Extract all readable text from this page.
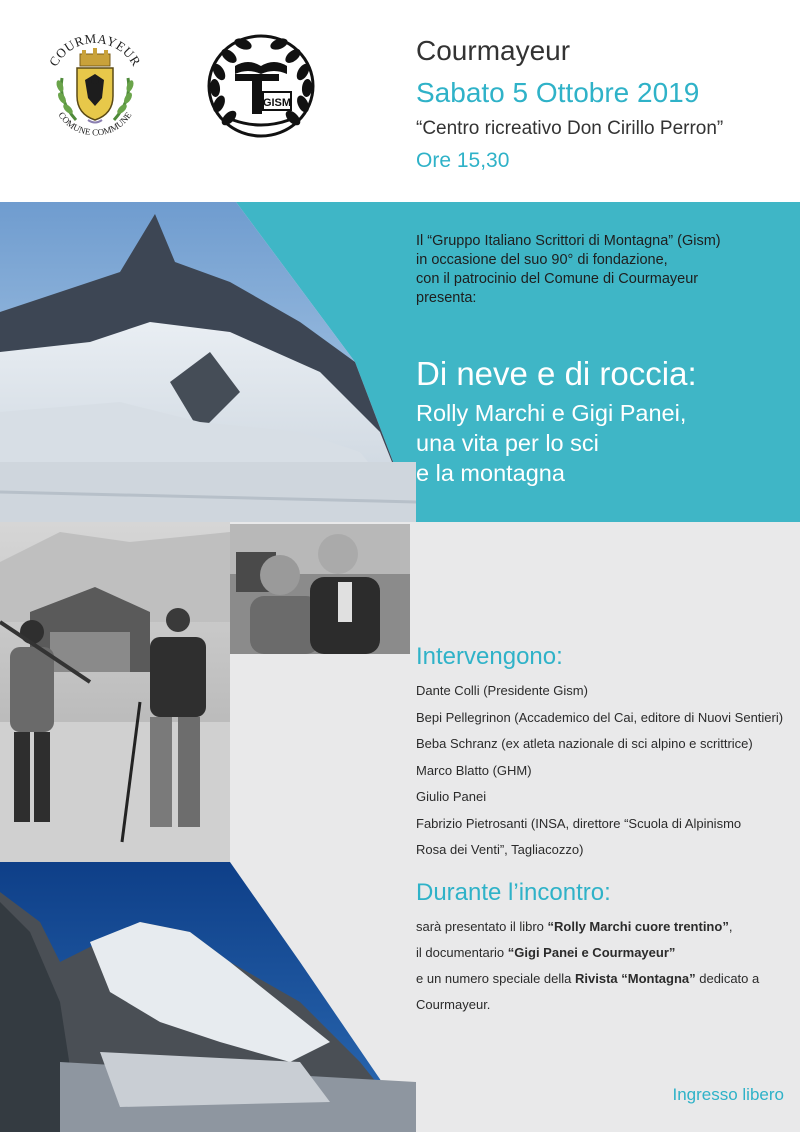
COURMAYEUR
COMUNE COMMUNE
GISM
Courmayeur
Sabato 5 Ottobre 2019
“Centro ricreativo Don Cirillo Perron”
Ore 15,30
Il “Gruppo Italiano Scrittori di Montagna” (Gism)
in occasione del suo 90° di fondazione,
con il patrocinio del Comune di Courmayeur
presenta:
Di neve e di roccia:
Rolly Marchi e Gigi Panei,
una vita per lo sci
e la montagna
Intervengono:
Dante Colli (Presidente Gism)
Bepi Pellegrinon (Accademico del Cai, editore di Nuovi Sentieri)
Beba Schranz (ex atleta nazionale di sci alpino e scrittrice)
Marco Blatto (GHM)
Giulio Panei
Fabrizio Pietrosanti (INSA, direttore “Scuola di Alpinismo
Rosa dei Venti”, Tagliacozzo)
Durante l’incontro:
sarà presentato il libro “Rolly Marchi cuore trentino”,
il documentario “Gigi Panei e Courmayeur”
e un numero speciale della Rivista “Montagna” dedicato a
Courmayeur.
Ingresso libero
